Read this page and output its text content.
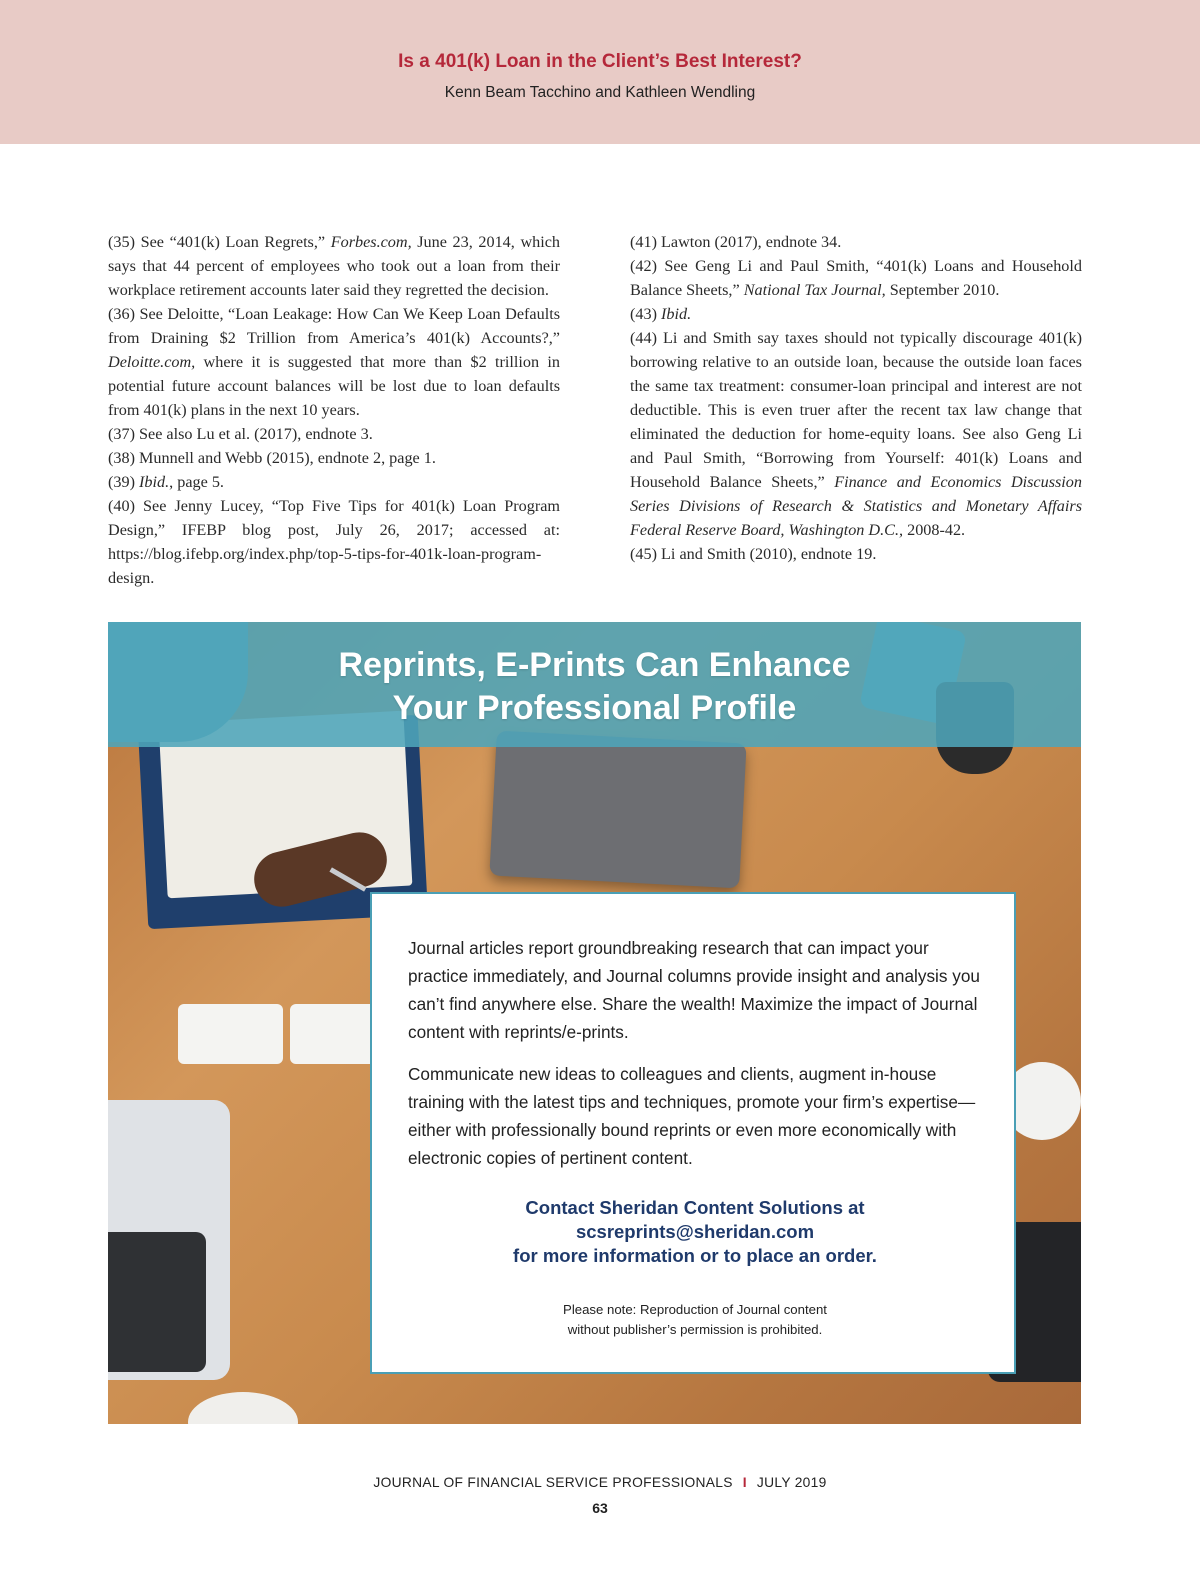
Is a 401(k) Loan in the Client’s Best Interest?
Kenn Beam Tacchino and Kathleen Wendling

(35) See “401(k) Loan Regrets,” Forbes.com, June 23, 2014, which says that 44 percent of employees who took out a loan from their workplace retirement accounts later said they regretted the decision.

(36) See Deloitte, “Loan Leakage: How Can We Keep Loan Defaults from Draining $2 Trillion from America’s 401(k) Accounts?,” Deloitte.com, where it is suggested that more than $2 trillion in potential future account balances will be lost due to loan defaults from 401(k) plans in the next 10 years.

(37) See also Lu et al. (2017), endnote 3.

(38) Munnell and Webb (2015), endnote 2, page 1.

(39) Ibid., page 5.

(40) See Jenny Lucey, “Top Five Tips for 401(k) Loan Program Design,” IFEBP blog post, July 26, 2017; accessed at: https://blog.ifebp.org/index.php/top-5-tips-for-401k-loan-program-design.

(41) Lawton (2017), endnote 34.

(42) See Geng Li and Paul Smith, “401(k) Loans and Household Balance Sheets,” National Tax Journal, September 2010.

(43) Ibid.

(44) Li and Smith say taxes should not typically discourage 401(k) borrowing relative to an outside loan, because the outside loan faces the same tax treatment: consumer-loan principal and interest are not deductible. This is even truer after the recent tax law change that eliminated the deduction for home-equity loans. See also Geng Li and Paul Smith, “Borrowing from Yourself: 401(k) Loans and Household Balance Sheets,” Finance and Economics Discussion Series Divisions of Research & Statistics and Monetary Affairs Federal Reserve Board, Washington D.C., 2008-42.

(45) Li and Smith (2010), endnote 19.

Reprints, E-Prints Can Enhance
Your Professional Profile

Journal articles report groundbreaking research that can impact your practice immediately, and Journal columns provide insight and analysis you can’t find anywhere else. Share the wealth! Maximize the impact of Journal content with reprints/e-prints.

Communicate new ideas to colleagues and clients, augment in-house training with the latest tips and techniques, promote your firm’s expertise—either with professionally bound reprints or even more economically with electronic copies of pertinent content.

Contact Sheridan Content Solutions at
scsreprints@sheridan.com
for more information or to place an order.
Please note: Reproduction of Journal content
without publisher’s permission is prohibited.
JOURNAL OF FINANCIAL SERVICE PROFESSIONALS I JULY 2019
63
